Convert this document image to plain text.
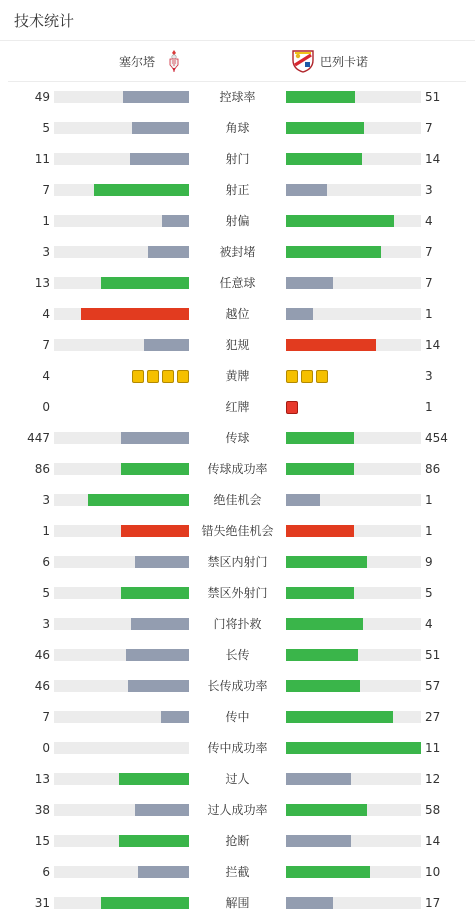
技术统计
塞尔塔	巴列卡诺
49	控球率	51
5	角球	7
11	射门	14
7	射正	3
1	射偏	4
3	被封堵	7
13	任意球	7
4	越位	1
7	犯规	14
4	黄牌	3
0	红牌	1
447	传球	454
86	传球成功率	86
3	绝佳机会	1
1	错失绝佳机会	1
6	禁区内射门	9
5	禁区外射门	5
3	门将扑救	4
46	长传	51
46	长传成功率	57
7	传中	27
0	传中成功率	11
13	过人	12
38	过人成功率	58
15	抢断	14
6	拦截	10
31	解围	17
